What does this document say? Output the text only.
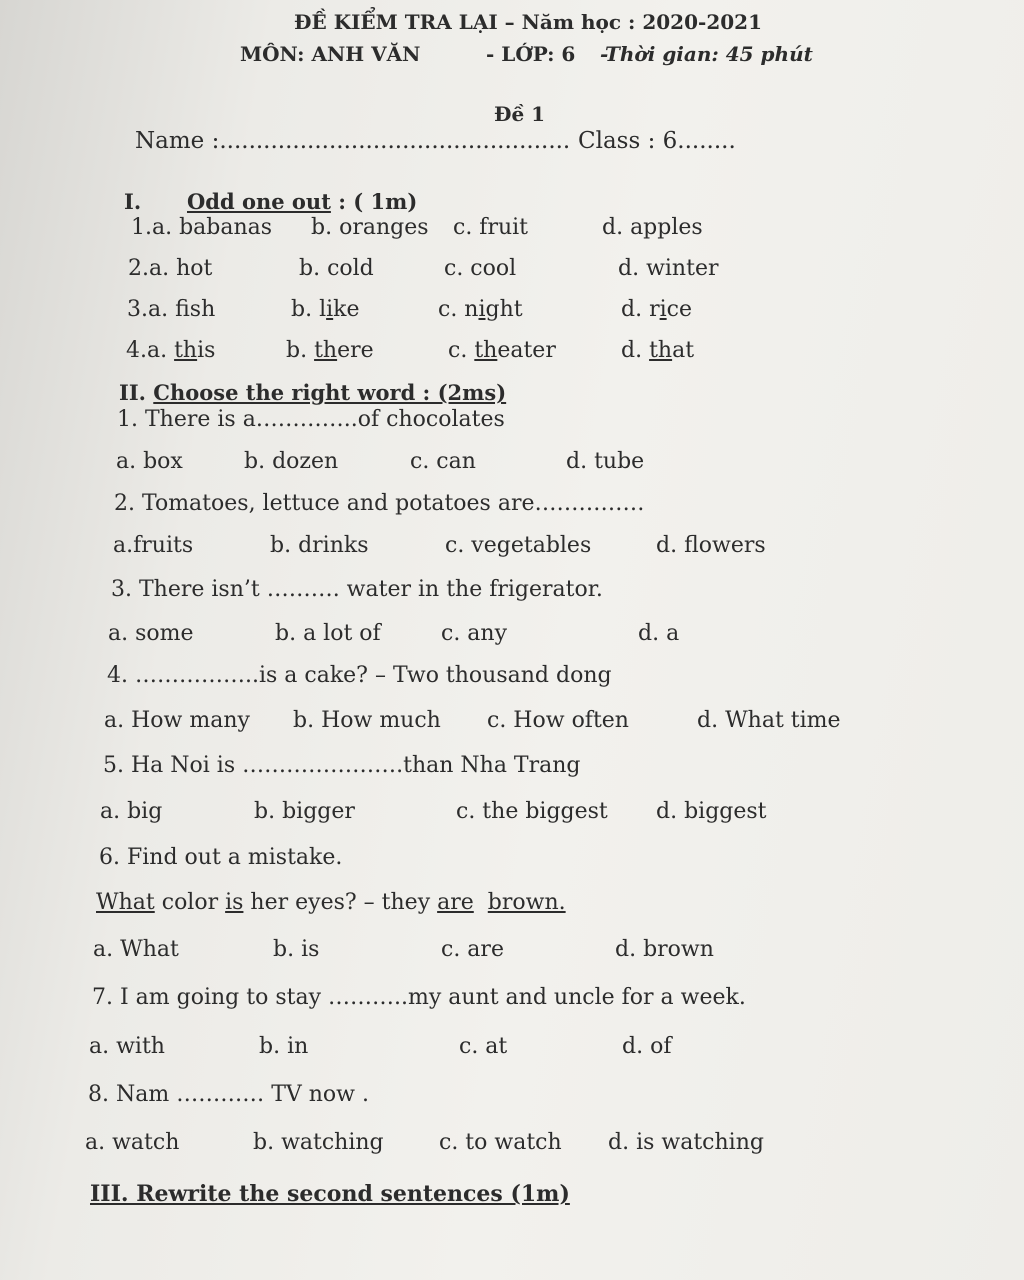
ĐỀ KIỂM TRA LẠI – Năm học : 2020-2021
MÔN: ANH VĂN	- LỚP: 6 -Thời gian: 45 phút
Đề 1
Name :................................................ Class : 6........
I. Odd one out : ( 1m)
1.a. babanas b. oranges c. fruit	d. apples
2.a. hot	b. cold	c. cool	d. winter
3.a. fsh	b. like	c. night	d. rice
4.a. this	b. there	c. theater	d. that
II. Choose the right word : (2ms)
1. There is a…………..of chocolates
a. box	b. dozen	c. can	d. tube
2. Tomatoes, lettuce and potatoes are……………
a.fruits	b. drinks	c. vegetables	d. flowers
3. There isn’t ………. water in the frigerator.
a. some	b. a lot of	c. any	d. a
4. ……………..is a cake? – Two thousand dong
a. How many b. How much c. How often	d. What time
5. Ha Noi is ………………….than Nha Trang
a. big	b. bigger	c. the biggest d. biggest
6. Find out a mistake.
What color is her eyes? – they are brown.
a. What	b. is	c. are	d. brown
7. I am going to stay ………..my aunt and uncle for a week.
a. with	b. in	c. at	d. of
8. Nam ………… TV now .
a. watch	b. watching	c. to watch d. is watching
III. Rewrite the second sentences (1m)
